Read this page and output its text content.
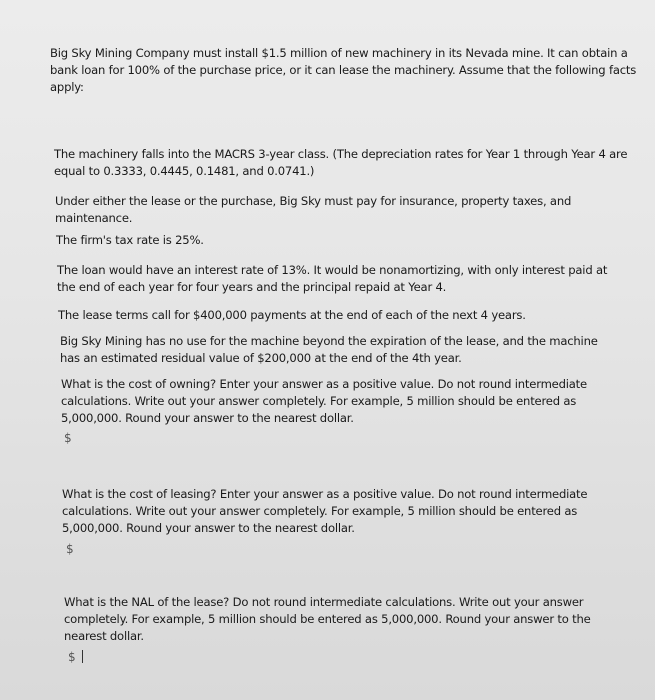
Big Sky Mining Company must install $1.5 million of new machinery in its Nevada mine. It can obtain a bank loan for 100% of the purchase price, or it can lease the machinery. Assume that the following facts apply:

The machinery falls into the MACRS 3-year class. (The depreciation rates for Year 1 through Year 4 are equal to 0.3333, 0.4445, 0.1481, and 0.0741.)

Under either the lease or the purchase, Big Sky must pay for insurance, property taxes, and maintenance.

The firm's tax rate is 25%.

The loan would have an interest rate of 13%. It would be nonamortizing, with only interest paid at the end of each year for four years and the principal repaid at Year 4.

The lease terms call for $400,000 payments at the end of each of the next 4 years.

Big Sky Mining has no use for the machine beyond the expiration of the lease, and the machine has an estimated residual value of $200,000 at the end of the 4th year.

What is the cost of owning? Enter your answer as a positive value. Do not round intermediate calculations. Write out your answer completely. For example, 5 million should be entered as 5,000,000. Round your answer to the nearest dollar.

$

What is the cost of leasing? Enter your answer as a positive value. Do not round intermediate calculations. Write out your answer completely. For example, 5 million should be entered as 5,000,000. Round your answer to the nearest dollar.

$

What is the NAL of the lease? Do not round intermediate calculations. Write out your answer completely. For example, 5 million should be entered as 5,000,000. Round your answer to the nearest dollar.

$
